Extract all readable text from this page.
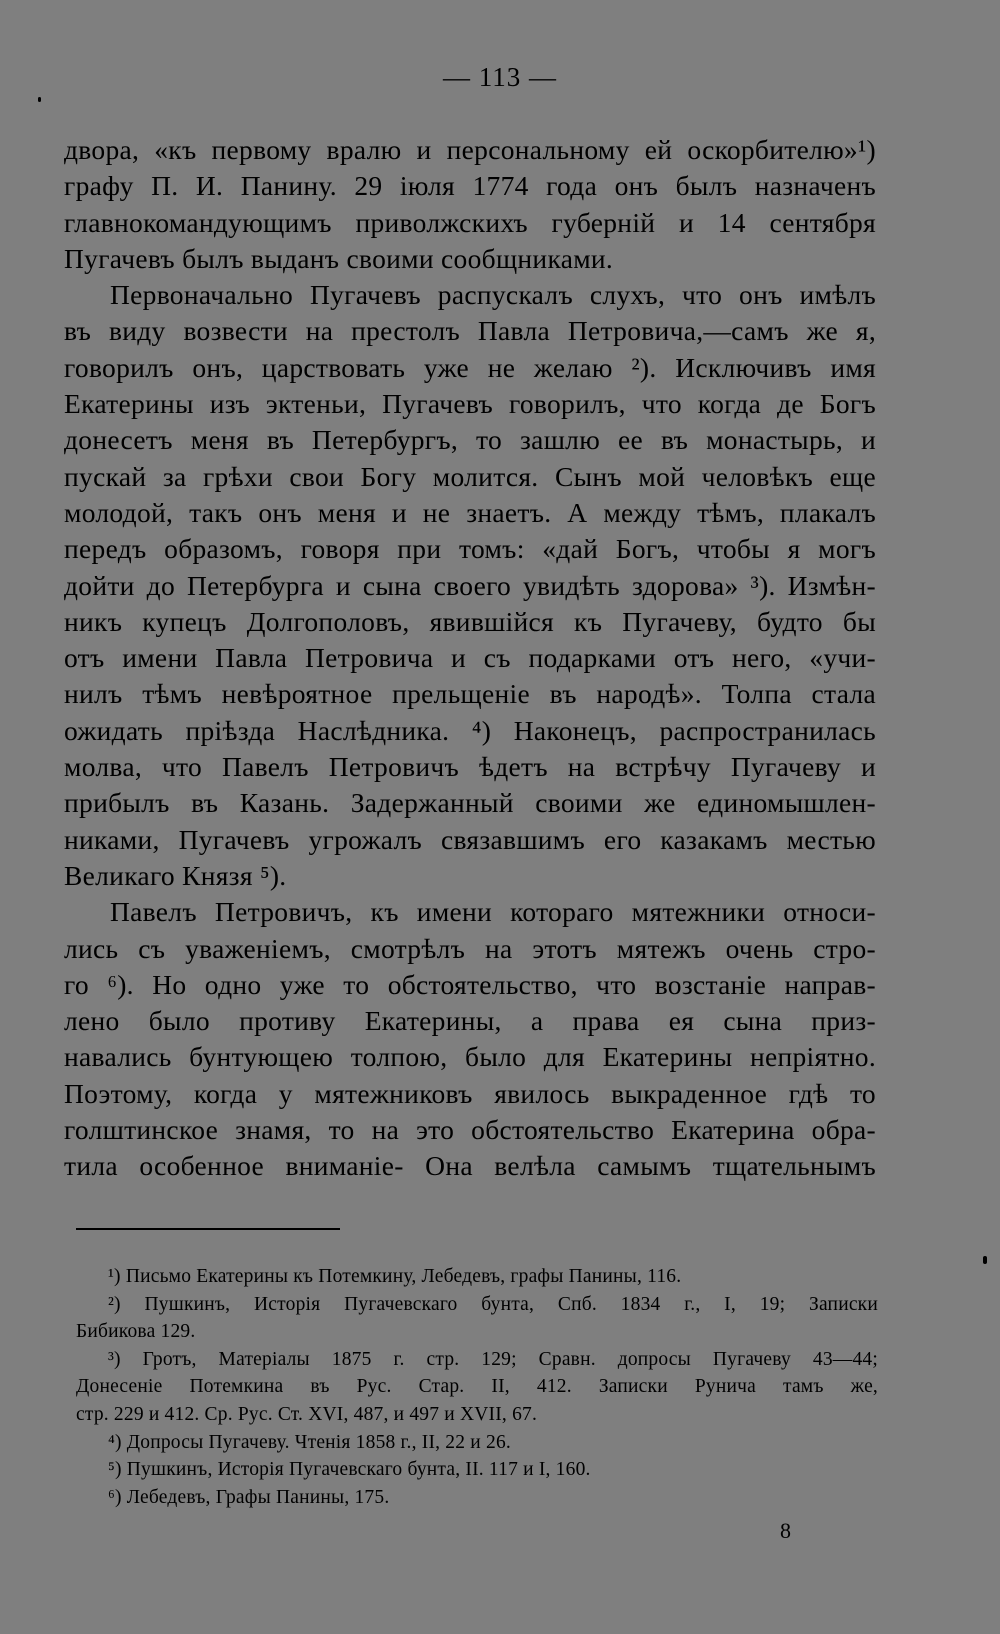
— 113 —
двора, «къ первому вралю и персональному ей оскорбителю»¹)
графу П. И. Панину. 29 іюля 1774 года онъ былъ назначенъ
главнокомандующимъ приволжскихъ губерній и 14 сентября
Пугачевъ былъ выданъ своими сообщниками.
Первоначально Пугачевъ распускалъ слухъ, что онъ имѣлъ
въ виду возвести на престолъ Павла Петровича,—самъ же я,
говорилъ онъ, царствовать уже не желаю ²). Исключивъ имя
Екатерины изъ эктеньи, Пугачевъ говорилъ, что когда де Богъ
донесетъ меня въ Петербургъ, то зашлю ее въ монастырь, и
пускай за грѣхи свои Богу молится. Сынъ мой человѣкъ еще
молодой, такъ онъ меня и не знаетъ. А между тѣмъ, плакалъ
передъ образомъ, говоря при томъ: «дай Богъ, чтобы я могъ
дойти до Петербурга и сына своего увидѣть здорова» ³). Измѣн-
никъ купецъ Долгополовъ, явившійся къ Пугачеву, будто бы
отъ имени Павла Петровича и съ подарками отъ него, «учи-
нилъ тѣмъ невѣроятное прельщеніе въ народѣ». Толпа стала
ожидать пріѣзда Наслѣдника. ⁴) Наконецъ, распространилась
молва, что Павелъ Петровичъ ѣдетъ на встрѣчу Пугачеву и
прибылъ въ Казань. Задержанный своими же единомышлен-
никами, Пугачевъ угрожалъ связавшимъ его казакамъ местью
Великаго Князя ⁵).
Павелъ Петровичъ, къ имени котораго мятежники относи-
лись съ уваженіемъ, смотрѣлъ на этотъ мятежъ очень стро-
го ⁶). Но одно уже то обстоятельство, что возстаніе направ-
лено было противу Екатерины, а права ея сына приз-
навались бунтующею толпою, было для Екатерины непріятно.
Поэтому, когда у мятежниковъ явилось выкраденное гдѣ то
голштинское знамя, то на это обстоятельство Екатерина обра-
тила особенное вниманіе- Она велѣла самымъ тщательнымъ
¹) Письмо Екатерины къ Потемкину, Лебедевъ, графы Панины, 116.
²) Пушкинъ, Исторія Пугачевскаго бунта, Спб. 1834 г., I, 19; Записки
Бибикова 129.
³) Гротъ, Матеріалы 1875 г. стр. 129; Сравн. допросы Пугачеву 43—44;
Донесеніе Потемкина въ Рус. Стар. II, 412. Записки Рунича тамъ же,
стр. 229 и 412. Ср. Рус. Ст. XVI, 487, и 497 и XVII, 67.
⁴) Допросы Пугачеву. Чтенія 1858 г., II, 22 и 26.
⁵) Пушкинъ, Исторія Пугачевскаго бунта, II. 117 и I, 160.
⁶) Лебедевъ, Графы Панины, 175.
8
